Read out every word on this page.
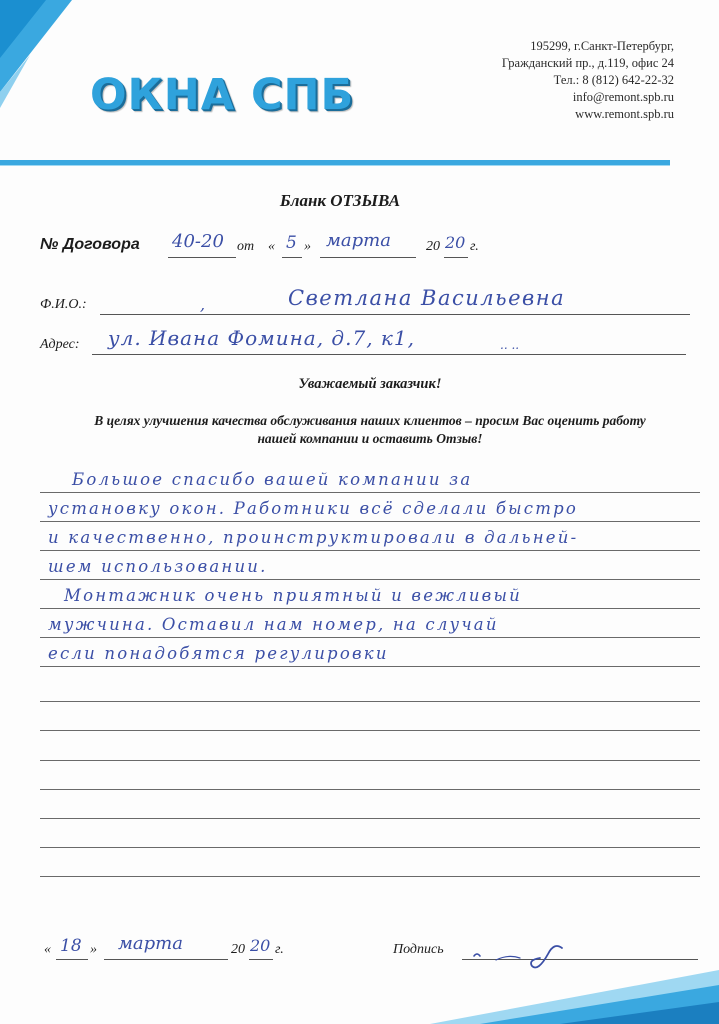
ОКНА СПБ
195299, г.Санкт-Петербург,
Гражданский пр., д.119, офис 24
Тел.: 8 (812) 642-22-32
info@remont.spb.ru
www.remont.spb.ru
Бланк ОТЗЫВА
№ Договора 40-20 от « 5 » марта	20 20 г.
Ф.И.О.:	,	Светлана Васильевна
Адрес: ул. Ивана Фомина, д.7, к1,	.. ..
Уважаемый заказчик!
В целях улучшения качества обслуживания наших клиентов – просим Вас оценить работу
нашей компании и оставить Отзыв!
Большое спасибо вашей компании за
установку окон. Работники всё сделали быстро
и качественно, проинструктировали в дальней-
шем использовании.
Монтажник очень приятный и вежливый
мужчина. Оставил нам номер, на случай
если понадобятся регулировки
« 18 » марта	20 20 г.	Подпись
